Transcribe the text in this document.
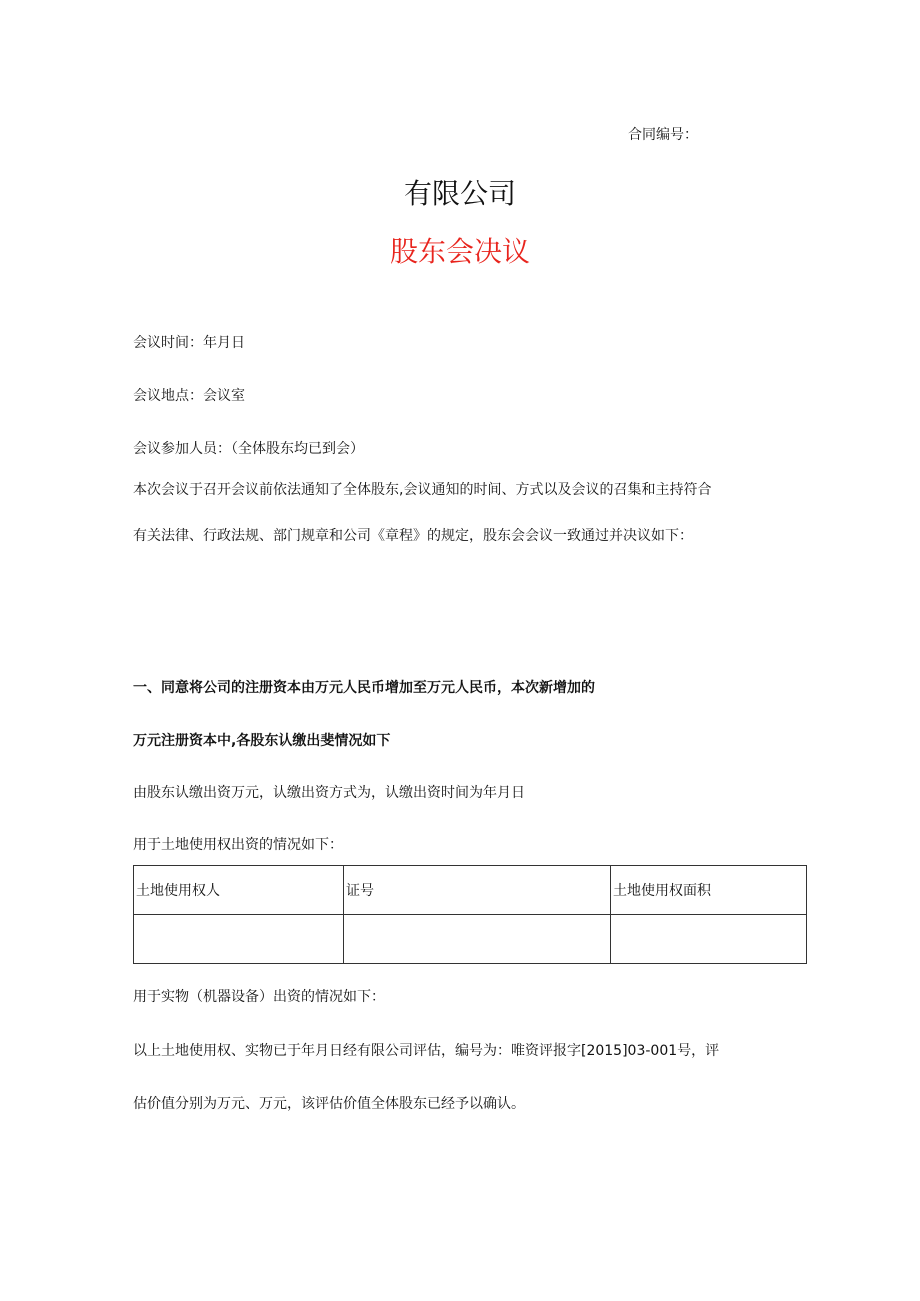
合同编号：
有限公司
股东会决议
会议时间：年月日
会议地点：会议室
会议参加人员：（全体股东均已到会）
本次会议于召开会议前依法通知了全体股东,会议通知的时间、方式以及会议的召集和主持符合
有关法律、行政法规、部门规章和公司《章程》的规定，股东会会议一致通过并决议如下：
一、同意将公司的注册资本由万元人民币增加至万元人民币，本次新增加的
万元注册资本中,各股东认缴出斐情况如下
由股东认缴出资万元，认缴出资方式为，认缴出资时间为年月日
用于土地使用权出资的情况如下：
土地使用权人	证号	土地使用权面积

用于实物（机器设备）出资的情况如下：
以上土地使用权、实物已于年月日经有限公司评估，编号为：唯资评报字[2015]03-001号，评
估价值分别为万元、万元，该评估价值全体股东已经予以确认。
